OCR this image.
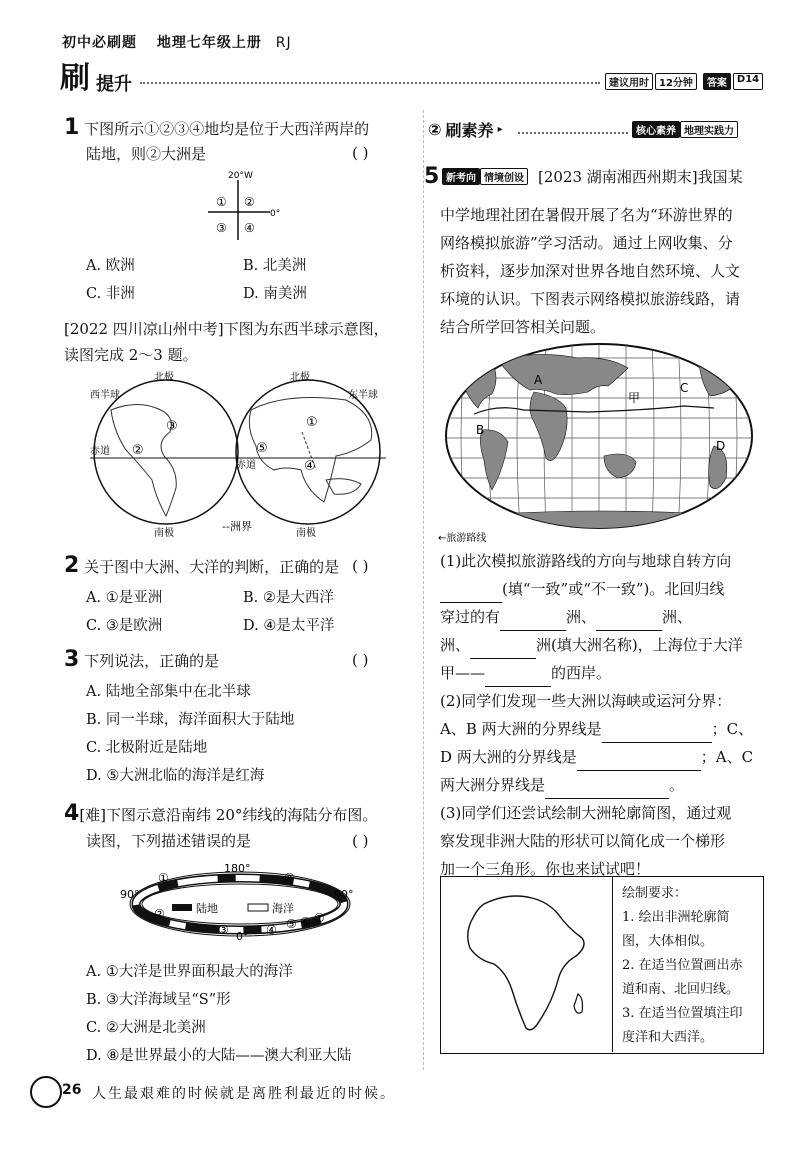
初中必刷题 地理七年级上册 RJ
刷 提升	建议用时	12分钟	答案	D14
1 下图所示①②③④地均是位于大西洋两岸的
陆地，则②大洲是	( )
20°W
0°
① ②
③ ④
A. 欧洲	B. 北美洲
C. 非洲	D. 南美洲
[2022 四川凉山州中考]下图为东西半球示意图，
读图完成 2～3 题。
北极	北极
西半球	东半球
赤道
赤道
南极	南极
--洲界
③
②
①
⑤
④
2 关于图中大洲、大洋的判断，正确的是 ( )
A. ①是亚洲	B. ②是大西洋
C. ③是欧洲	D. ④是太平洋
3 下列说法，正确的是	( )
A. 陆地全部集中在北半球
B. 同一半球，海洋面积大于陆地
C. 北极附近是陆地
D. ⑤大洲北临的海洋是红海
4[难]下图示意沿南纬 20°纬线的海陆分布图。
读图，下列描述错误的是	( )
180°
90°	90°
0°
陆地	海洋
①	⑧
②
③	④ ⑤ ⑥ ⑦
A. ①大洋是世界面积最大的海洋
B. ③大洋海域呈“S”形
C. ②大洲是北美洲
D. ⑧是世界最小的大陆——澳大利亚大陆
② 刷素养 ▸	核心素养 地理实践力
5 新考向 情境创设 [2023 湖南湘西州期末]我国某
中学地理社团在暑假开展了名为“环游世界的
网络模拟旅游”学习活动。通过上网收集、分
析资料，逐步加深对世界各地自然环境、人文
环境的认识。下图表示网络模拟旅游线路，请
结合所学回答相关问题。
A
B
C
D
甲
←旅游路线
(1)此次模拟旅游路线的方向与地球自转方向
(填“一致”或“不一致”)。北回归线
穿过的有	洲、	洲、
洲、	洲(填大洲名称)，上海位于大洋
甲——	的西岸。
(2)同学们发现一些大洲以海峡或运河分界：
A、B 两大洲的分界线是	；C、
D 两大洲的分界线是	；A、C
两大洲分界线是	。
(3)同学们还尝试绘制大洲轮廓简图，通过观
察发现非洲大陆的形状可以简化成一个梯形
加一个三角形。你也来试试吧！
绘制要求：
1. 绘出非洲轮廓简
图，大体相似。
2. 在适当位置画出赤
道和南、北回归线。
3. 在适当位置填注印
度洋和大西洋。
26 人生最艰难的时候就是离胜利最近的时候。
